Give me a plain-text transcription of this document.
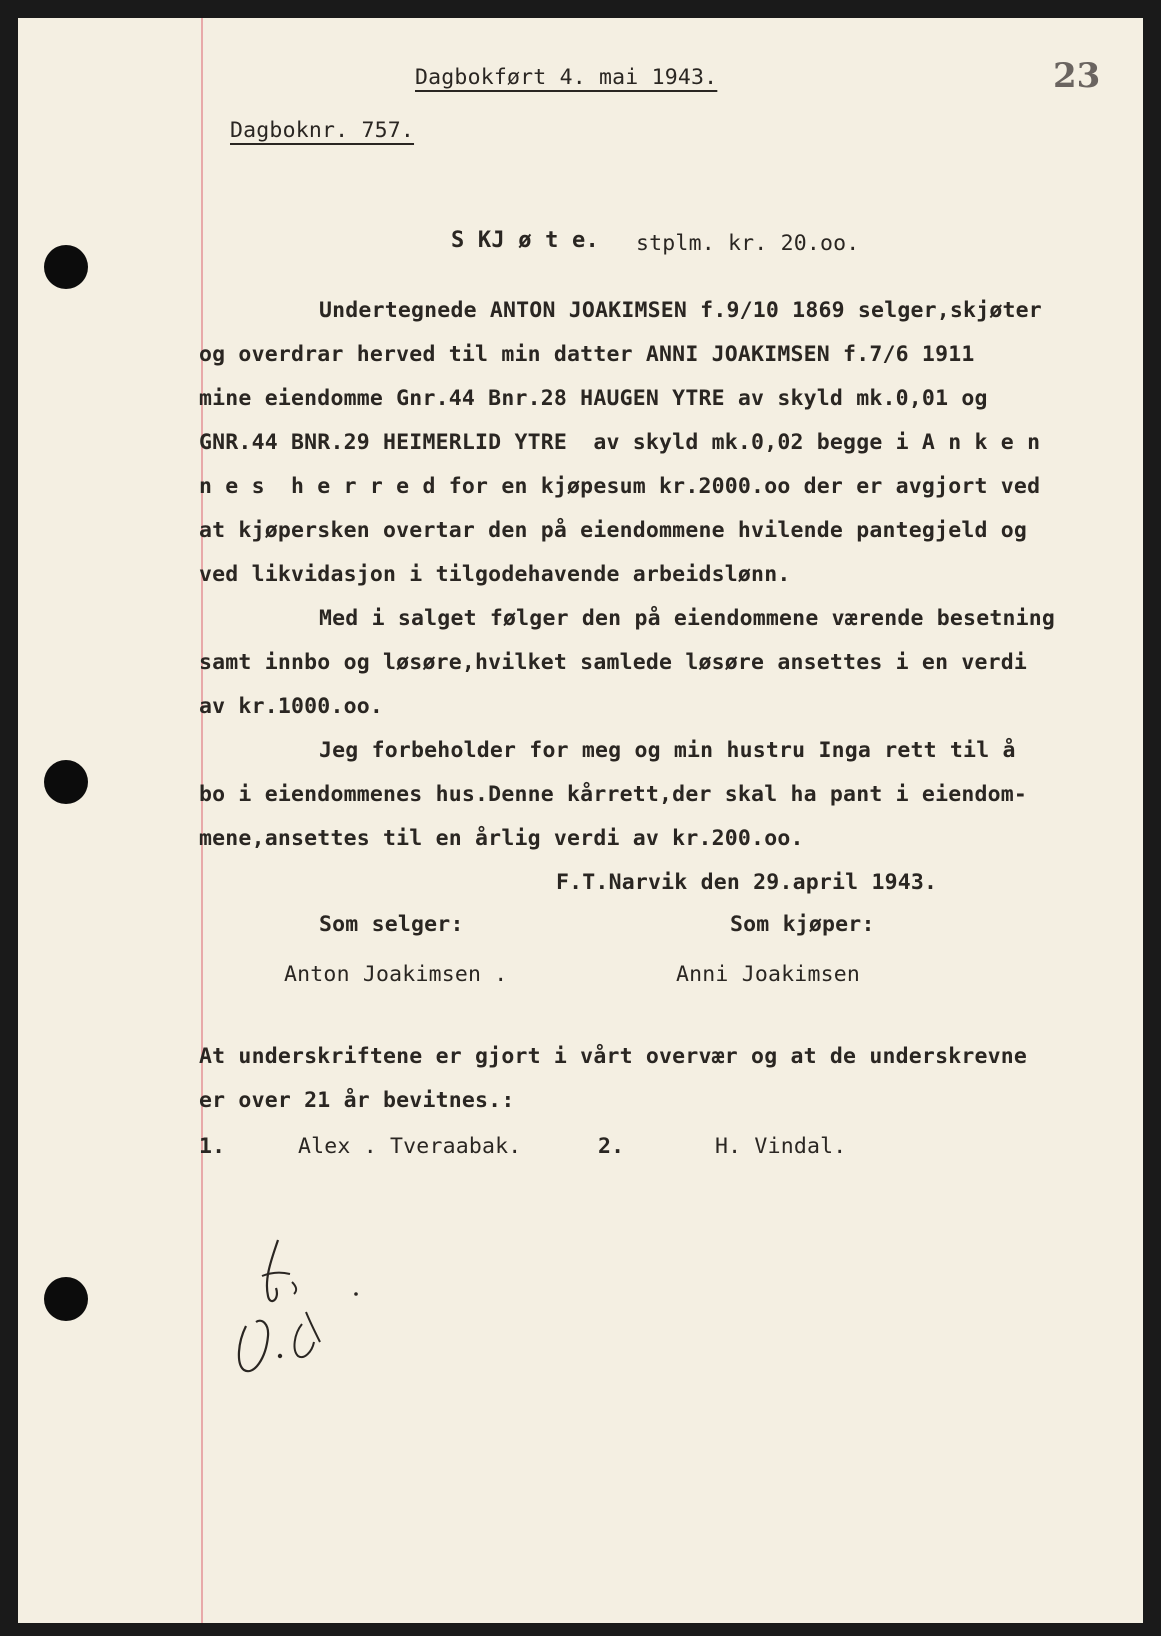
Dagbokført 4. mai 1943.
Dagboknr. 757.
23
S KJ ø t e. stplm. kr. 20.oo.
Undertegnede ANTON JOAKIMSEN f.9/10 1869 selger,skjøter
og overdrar herved til min datter ANNI JOAKIMSEN f.7/6 1911
mine eiendomme Gnr.44 Bnr.28 HAUGEN YTRE av skyld mk.0,01 og
GNR.44 BNR.29 HEIMERLID YTRE  av skyld mk.0,02 begge i A n k e n
n e s  h e r r e d for en kjøpesum kr.2000.oo der er avgjort ved
at kjøpersken overtar den på eiendommene hvilende pantegjeld og
ved likvidasjon i tilgodehavende arbeidslønn.
Med i salget følger den på eiendommene værende besetning
samt innbo og løsøre,hvilket samlede løsøre ansettes i en verdi
av kr.1000.oo.
Jeg forbeholder for meg og min hustru Inga rett til å
bo i eiendommenes hus.Denne kårrett,der skal ha pant i eiendom-
mene,ansettes til en årlig verdi av kr.200.oo.
F.T.Narvik den 29.april 1943.
Som selger:	Som kjøper:
Anton Joakimsen .	Anni Joakimsen
At underskriftene er gjort i vårt overvær og at de underskrevne
er over 21 år bevitnes.:
1.	Alex . Tveraabak.	2.	H. Vindal.
